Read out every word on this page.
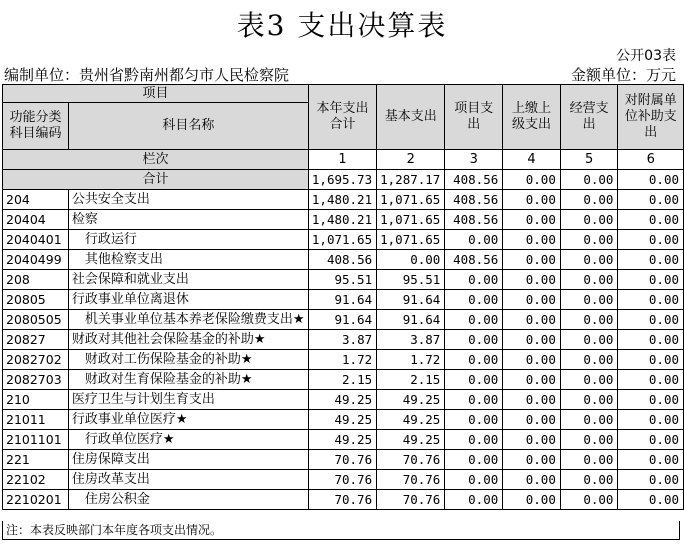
表3 支出决算表
公开03表
编制单位：贵州省黔南州都匀市人民检察院	金额单位：万元
项目		本年支出合计	基本支出	项目支出	上缴上级支出	经营支出	对附属单位补助支出
功能分类科目编码	科目名称						
栏次		1	2	3	4	5	6
合计		1,695.73	1,287.17	408.56	0.00	0.00	0.00
204	公共安全支出	1,480.21	1,071.65	408.56	0.00	0.00	0.00
20404	检察	1,480.21	1,071.65	408.56	0.00	0.00	0.00
2040401	行政运行	1,071.65	1,071.65	0.00	0.00	0.00	0.00
2040499	其他检察支出	408.56	0.00	408.56	0.00	0.00	0.00
208	社会保障和就业支出	95.51	95.51	0.00	0.00	0.00	0.00
20805	行政事业单位离退休	91.64	91.64	0.00	0.00	0.00	0.00
2080505	机关事业单位基本养老保险缴费支出★	91.64	91.64	0.00	0.00	0.00	0.00
20827	财政对其他社会保险基金的补助★	3.87	3.87	0.00	0.00	0.00	0.00
2082702	财政对工伤保险基金的补助★	1.72	1.72	0.00	0.00	0.00	0.00
2082703	财政对生育保险基金的补助★	2.15	2.15	0.00	0.00	0.00	0.00
210	医疗卫生与计划生育支出	49.25	49.25	0.00	0.00	0.00	0.00
21011	行政事业单位医疗★	49.25	49.25	0.00	0.00	0.00	0.00
2101101	行政单位医疗★	49.25	49.25	0.00	0.00	0.00	0.00
221	住房保障支出	70.76	70.76	0.00	0.00	0.00	0.00
22102	住房改革支出	70.76	70.76	0.00	0.00	0.00	0.00
2210201	住房公积金	70.76	70.76	0.00	0.00	0.00	0.00
注：本表反映部门本年度各项支出情况。
